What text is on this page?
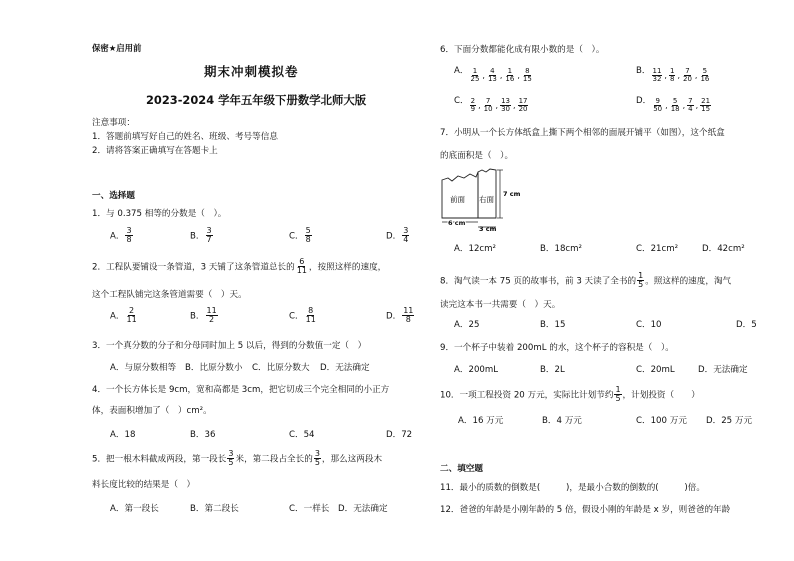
保密★启用前
期末冲刺模拟卷
2023-2024 学年五年级下册数学北师大版
注意事项：
1．答题前填写好自己的姓名、班级、考号等信息
2．请将答案正确填写在答题卡上
一、选择题
1．与 0.375 相等的分数是（　）。
A． $\frac{3}{8}$	B． $\frac{3}{7}$	C． $\frac{5}{8}$	D． $\frac{3}{4}$
2．工程队要铺设一条管道，3 天铺了这条管道总长的 $\frac{6}{11}$ ，按照这样的速度，
这个工程队铺完这条管道需要（　）天。
A． $\frac{2}{11}$	B． $\frac{11}{2}$	C． $\frac{8}{11}$	D． $\frac{11}{8}$
3．一个真分数的分子和分母同时加上 5 以后，得到的分数值一定（　）
A．与原分数相等 B．比原分数小 C．比原分数大 D．无法确定
4．一个长方体长是 9cm，宽和高都是 3cm，把它切成三个完全相同的小正方
体，表面积增加了（　）cm²。
A．18	B．36	C．54	D．72
5．把一根木料截成两段，第一段长 $\frac{3}{5}$ 米，第二段占全长的 $\frac{3}{5}$ ，那么这两段木
料长度比较的结果是（　）
A．第一段长	B．第二段长	C．一样长 D．无法确定
6．下面分数都能化成有限小数的是（　）。
A． $\frac{1}{25}$ , $\frac{4}{13}$ , $\frac{1}{16}$ , $\frac{8}{15}$	B． $\frac{11}{32}$ , $\frac{1}{8}$ , $\frac{7}{20}$ , $\frac{5}{16}$
C． $\frac{2}{9}$ , $\frac{7}{10}$ , $\frac{13}{30}$ , $\frac{17}{20}$	D． $\frac{9}{50}$ , $\frac{5}{18}$ , $\frac{7}{4}$ , $\frac{21}{15}$
7．小明从一个长方体纸盒上撕下两个相邻的面展开铺平（如图），这个纸盒
的底面积是（　）。
前面 右面
7 cm
6 cm
3 cm
A．12cm²	B．18cm²	C．21cm²	D．42cm²
8．淘气读一本 75 页的故事书，前 3 天读了全书的 $\frac{1}{5}$ 。照这样的速度，淘气
读完这本书一共需要（　）天。
A．25	B．15	C．10	D．5
9．一个杯子中装着 200mL 的水，这个杯子的容积是（　）。
A．200mL	B．2L	C．20mL	D．无法确定
10．一项工程投资 20 万元，实际比计划节约 $\frac{1}{5}$ ，计划投资（　　）
A．16 万元	B．4 万元	C．100 万元 D．25 万元
二、填空题
11．最小的质数的倒数是(　　　)，是最小合数的倒数的(　　　)倍。
12．爸爸的年龄是小刚年龄的 5 倍，假设小刚的年龄是 x 岁，则爸爸的年龄
